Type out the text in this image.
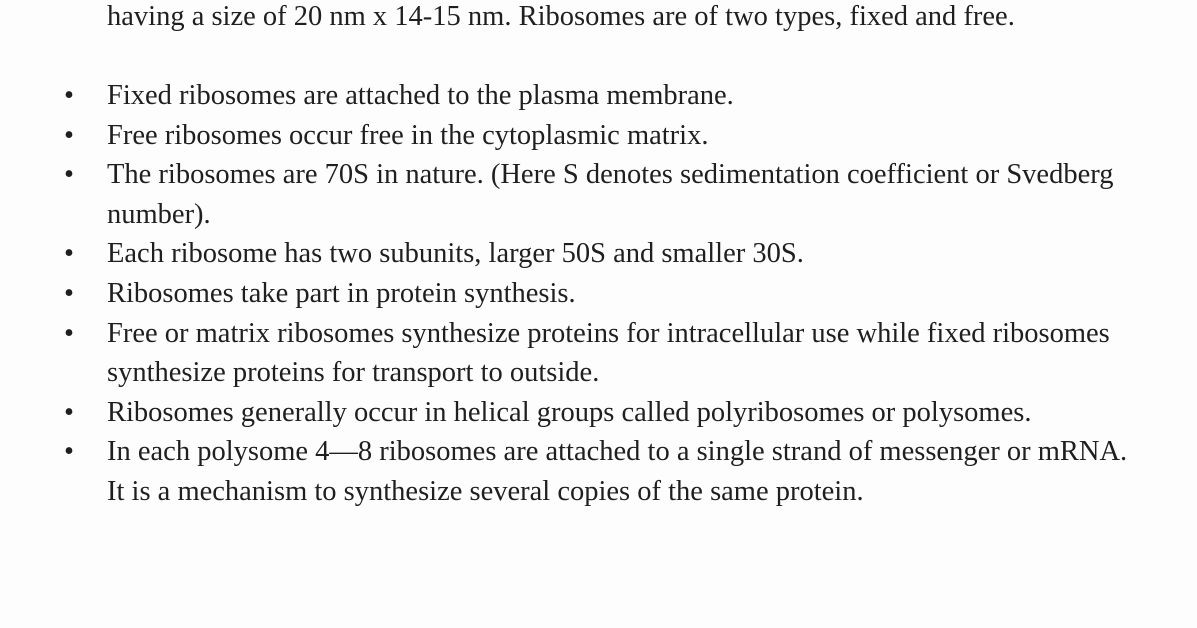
having a size of 20 nm x 14-15 nm. Ribosomes are of two types, fixed and free.

• Fixed ribosomes are attached to the plasma membrane.
• Free ribosomes occur free in the cytoplasmic matrix.
• The ribosomes are 70S in nature. (Here S denotes sedimentation coefficient or Svedberg number).
• Each ribosome has two subunits, larger 50S and smaller 30S.
• Ribosomes take part in protein synthesis.
• Free or matrix ribosomes synthesize proteins for intracellular use while fixed ribosomes synthesize proteins for transport to outside.
• Ribosomes generally occur in helical groups called polyribosomes or polysomes.
• In each polysome 4—8 ribosomes are attached to a single strand of messenger or mRNA. It is a mechanism to synthesize several copies of the same protein.
